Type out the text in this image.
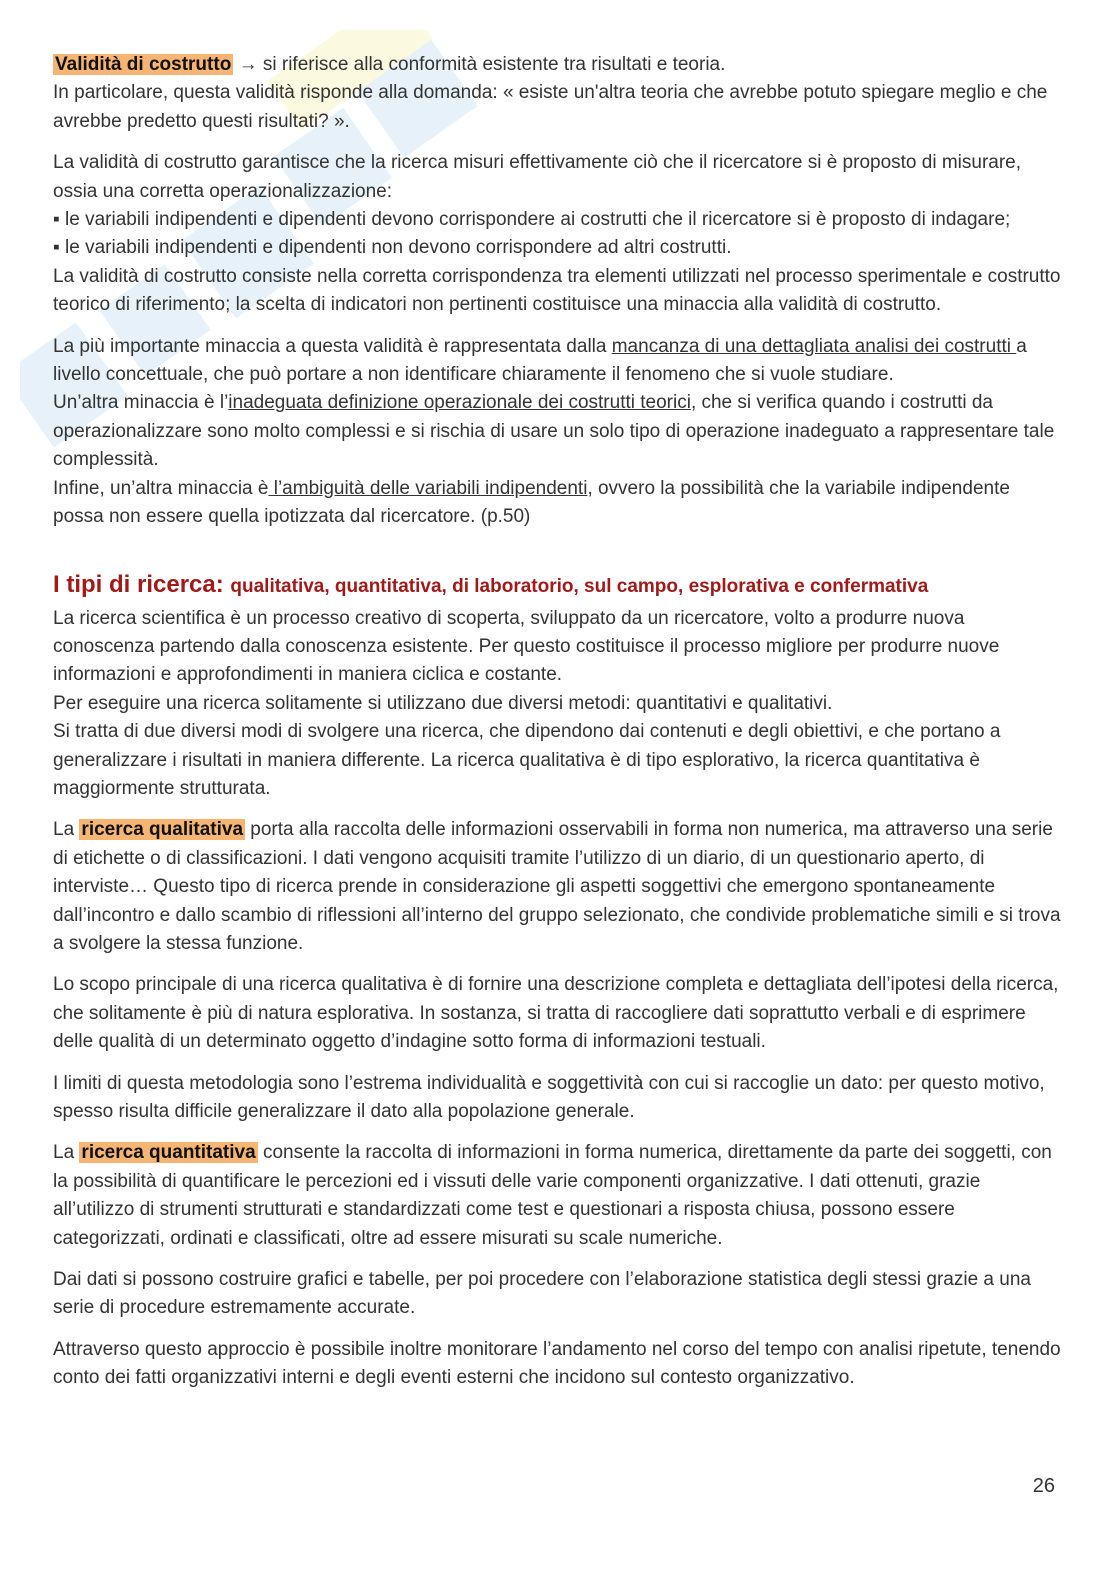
Validità di costrutto → si riferisce alla conformità esistente tra risultati e teoria.

In particolare, questa validità risponde alla domanda: « esiste un'altra teoria che avrebbe potuto spiegare meglio e che avrebbe predetto questi risultati? ».

La validità di costrutto garantisce che la ricerca misuri effettivamente ciò che il ricercatore si è proposto di misurare, ossia una corretta operazionalizzazione:

▪ le variabili indipendenti e dipendenti devono corrispondere ai costrutti che il ricercatore si è proposto di indagare;

▪ le variabili indipendenti e dipendenti non devono corrispondere ad altri costrutti.

La validità di costrutto consiste nella corretta corrispondenza tra elementi utilizzati nel processo sperimentale e costrutto teorico di riferimento; la scelta di indicatori non pertinenti costituisce una minaccia alla validità di costrutto.

La più importante minaccia a questa validità è rappresentata dalla mancanza di una dettagliata analisi dei costrutti a livello concettuale, che può portare a non identificare chiaramente il fenomeno che si vuole studiare.

Un’altra minaccia è l’inadeguata definizione operazionale dei costrutti teorici, che si verifica quando i costrutti da operazionalizzare sono molto complessi e si rischia di usare un solo tipo di operazione inadeguato a rappresentare tale complessità.

Infine, un’altra minaccia è l’ambiguità delle variabili indipendenti, ovvero la possibilità che la variabile indipendente possa non essere quella ipotizzata dal ricercatore. (p.50)

I tipi di ricerca: qualitativa, quantitativa, di laboratorio, sul campo, esplorativa e confermativa

La ricerca scientifica è un processo creativo di scoperta, sviluppato da un ricercatore, volto a produrre nuova conoscenza partendo dalla conoscenza esistente. Per questo costituisce il processo migliore per produrre nuove informazioni e approfondimenti in maniera ciclica e costante.

Per eseguire una ricerca solitamente si utilizzano due diversi metodi: quantitativi e qualitativi.

Si tratta di due diversi modi di svolgere una ricerca, che dipendono dai contenuti e degli obiettivi, e che portano a generalizzare i risultati in maniera differente. La ricerca qualitativa è di tipo esplorativo, la ricerca quantitativa è maggiormente strutturata.

La ricerca qualitativa porta alla raccolta delle informazioni osservabili in forma non numerica, ma attraverso una serie di etichette o di classificazioni. I dati vengono acquisiti tramite l’utilizzo di un diario, di un questionario aperto, di interviste… Questo tipo di ricerca prende in considerazione gli aspetti soggettivi che emergono spontaneamente dall’incontro e dallo scambio di riflessioni all’interno del gruppo selezionato, che condivide problematiche simili e si trova a svolgere la stessa funzione.

Lo scopo principale di una ricerca qualitativa è di fornire una descrizione completa e dettagliata dell’ipotesi della ricerca, che solitamente è più di natura esplorativa. In sostanza, si tratta di raccogliere dati soprattutto verbali e di esprimere delle qualità di un determinato oggetto d’indagine sotto forma di informazioni testuali.

I limiti di questa metodologia sono l’estrema individualità e soggettività con cui si raccoglie un dato: per questo motivo, spesso risulta difficile generalizzare il dato alla popolazione generale.

La ricerca quantitativa consente la raccolta di informazioni in forma numerica, direttamente da parte dei soggetti, con la possibilità di quantificare le percezioni ed i vissuti delle varie componenti organizzative. I dati ottenuti, grazie all’utilizzo di strumenti strutturati e standardizzati come test e questionari a risposta chiusa, possono essere categorizzati, ordinati e classificati, oltre ad essere misurati su scale numeriche.

Dai dati si possono costruire grafici e tabelle, per poi procedere con l’elaborazione statistica degli stessi grazie a una serie di procedure estremamente accurate.

Attraverso questo approccio è possibile inoltre monitorare l’andamento nel corso del tempo con analisi ripetute, tenendo conto dei fatti organizzativi interni e degli eventi esterni che incidono sul contesto organizzativo.

26
